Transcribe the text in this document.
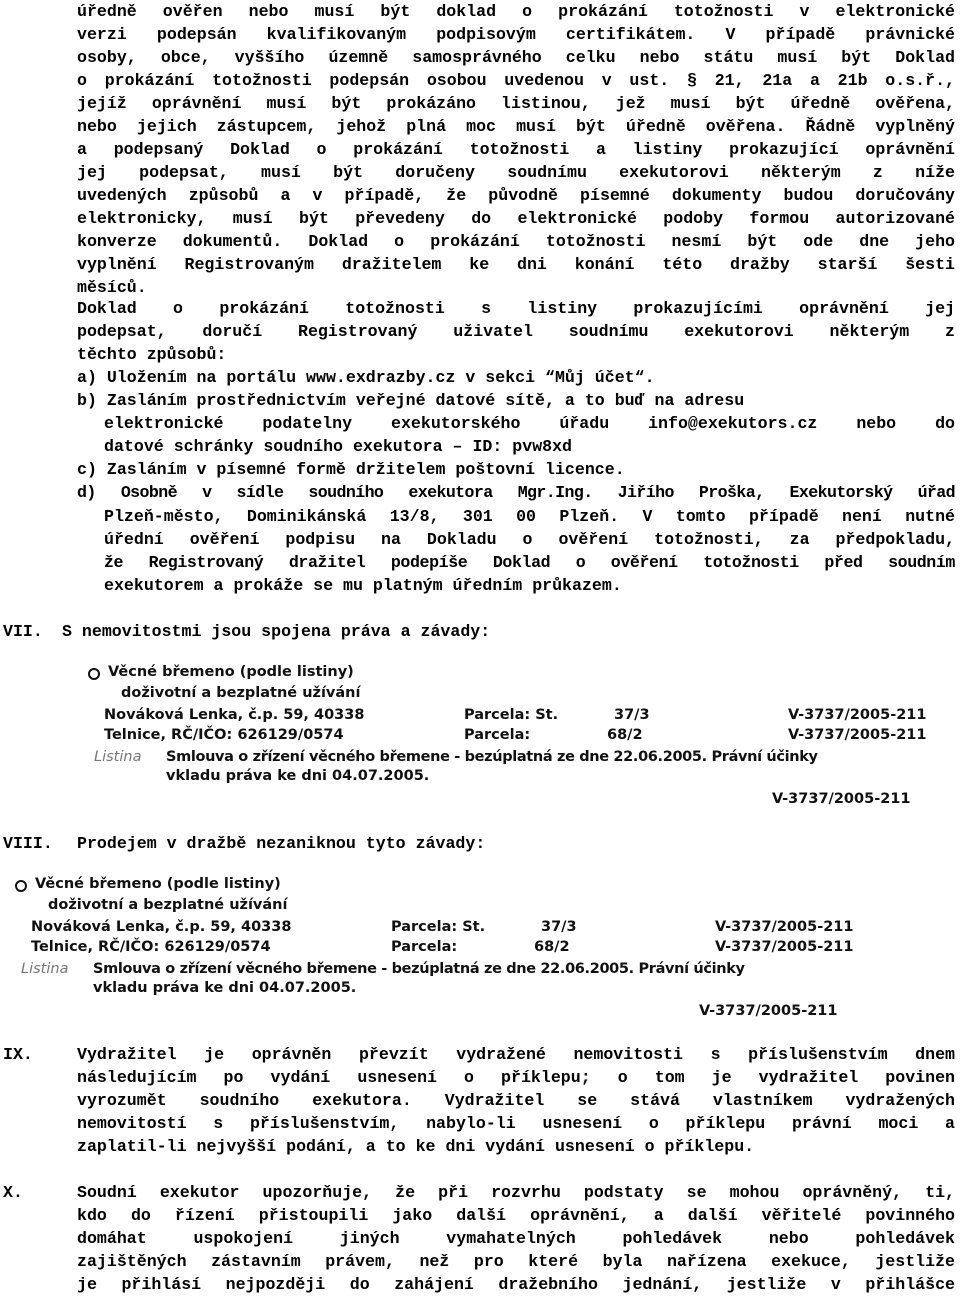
úředně ověřen nebo musí být doklad o prokázání totožnosti v elektronické
verzi podepsán kvalifikovaným podpisovým certifikátem. V případě právnické
osoby, obce, vyššího územně samosprávného celku nebo státu musí být Doklad
o prokázání totožnosti podepsán osobou uvedenou v ust. § 21, 21a a 21b o.s.ř.,
jejíž oprávnění musí být prokázáno listinou, jež musí být úředně ověřena,
nebo jejich zástupcem, jehož plná moc musí být úředně ověřena. Řádně vyplněný
a podepsaný Doklad o prokázání totožnosti a listiny prokazující oprávnění
jej podepsat, musí být doručeny soudnímu exekutorovi některým z níže
uvedených způsobů a v případě, že původně písemné dokumenty budou doručovány
elektronicky, musí být převedeny do elektronické podoby formou autorizované
konverze dokumentů. Doklad o prokázání totožnosti nesmí být ode dne jeho
vyplnění Registrovaným dražitelem ke dni konání této dražby starší šesti
měsíců.
Doklad o prokázání totožnosti s listiny prokazujícími oprávnění jej
podepsat, doručí Registrovaný uživatel soudnímu exekutorovi některým z
těchto způsobů:
a) Uložením na portálu www.exdrazby.cz v sekci “Můj účet“.
b) Zasláním prostřednictvím veřejné datové sítě, a to buď na adresu
elektronické podatelny exekutorského úřadu info@exekutors.cz nebo do
datové schránky soudního exekutora – ID: pvw8xd
c) Zasláním v písemné formě držitelem poštovní licence.
d) Osobně v sídle soudního exekutora Mgr.Ing. Jiřího Proška, Exekutorský úřad
Plzeň-město, Dominikánská 13/8, 301 00 Plzeň. V tomto případě není nutné
úřední ověření podpisu na Dokladu o ověření totožnosti, za předpokladu,
že Registrovaný dražitel podepíše Doklad o ověření totožnosti před soudním
exekutorem a prokáže se mu platným úředním průkazem.
VII. S nemovitostmi jsou spojena práva a závady:
Věcné břemeno (podle listiny)
doživotní a bezplatné užívání
Nováková Lenka, č.p. 59, 40338	Parcela: St.	37/3	V-3737/2005-211
Telnice, RČ/IČO: 626129/0574	Parcela:	68/2	V-3737/2005-211
Listina Smlouva o zřízení věcného břemene - bezúplatná ze dne 22.06.2005. Právní účinky
vkladu práva ke dni 04.07.2005.
V-3737/2005-211
VIII. Prodejem v dražbě nezaniknou tyto závady:
Věcné břemeno (podle listiny)
doživotní a bezplatné užívání
Nováková Lenka, č.p. 59, 40338	Parcela: St.	37/3	V-3737/2005-211
Telnice, RČ/IČO: 626129/0574	Parcela:	68/2	V-3737/2005-211
Listina Smlouva o zřízení věcného břemene - bezúplatná ze dne 22.06.2005. Právní účinky
vkladu práva ke dni 04.07.2005.
V-3737/2005-211
IX.	Vydražitel je oprávněn převzít vydražené nemovitosti s příslušenstvím dnem
následujícím po vydání usnesení o příklepu; o tom je vydražitel povinen
vyrozumět soudního exekutora. Vydražitel se stává vlastníkem vydražených
nemovitostí s příslušenstvím, nabylo-li usnesení o příklepu právní moci a
zaplatil-li nejvyšší podání, a to ke dni vydání usnesení o příklepu.
X.	Soudní exekutor upozorňuje, že při rozvrhu podstaty se mohou oprávněný, ti,
kdo do řízení přistoupili jako další oprávnění, a další věřitelé povinného
domáhat uspokojení jiných vymahatelných pohledávek nebo pohledávek
zajištěných zástavním právem, než pro které byla nařízena exekuce, jestliže
je přihlásí nejpozději do zahájení dražebního jednání, jestliže v přihlášce
